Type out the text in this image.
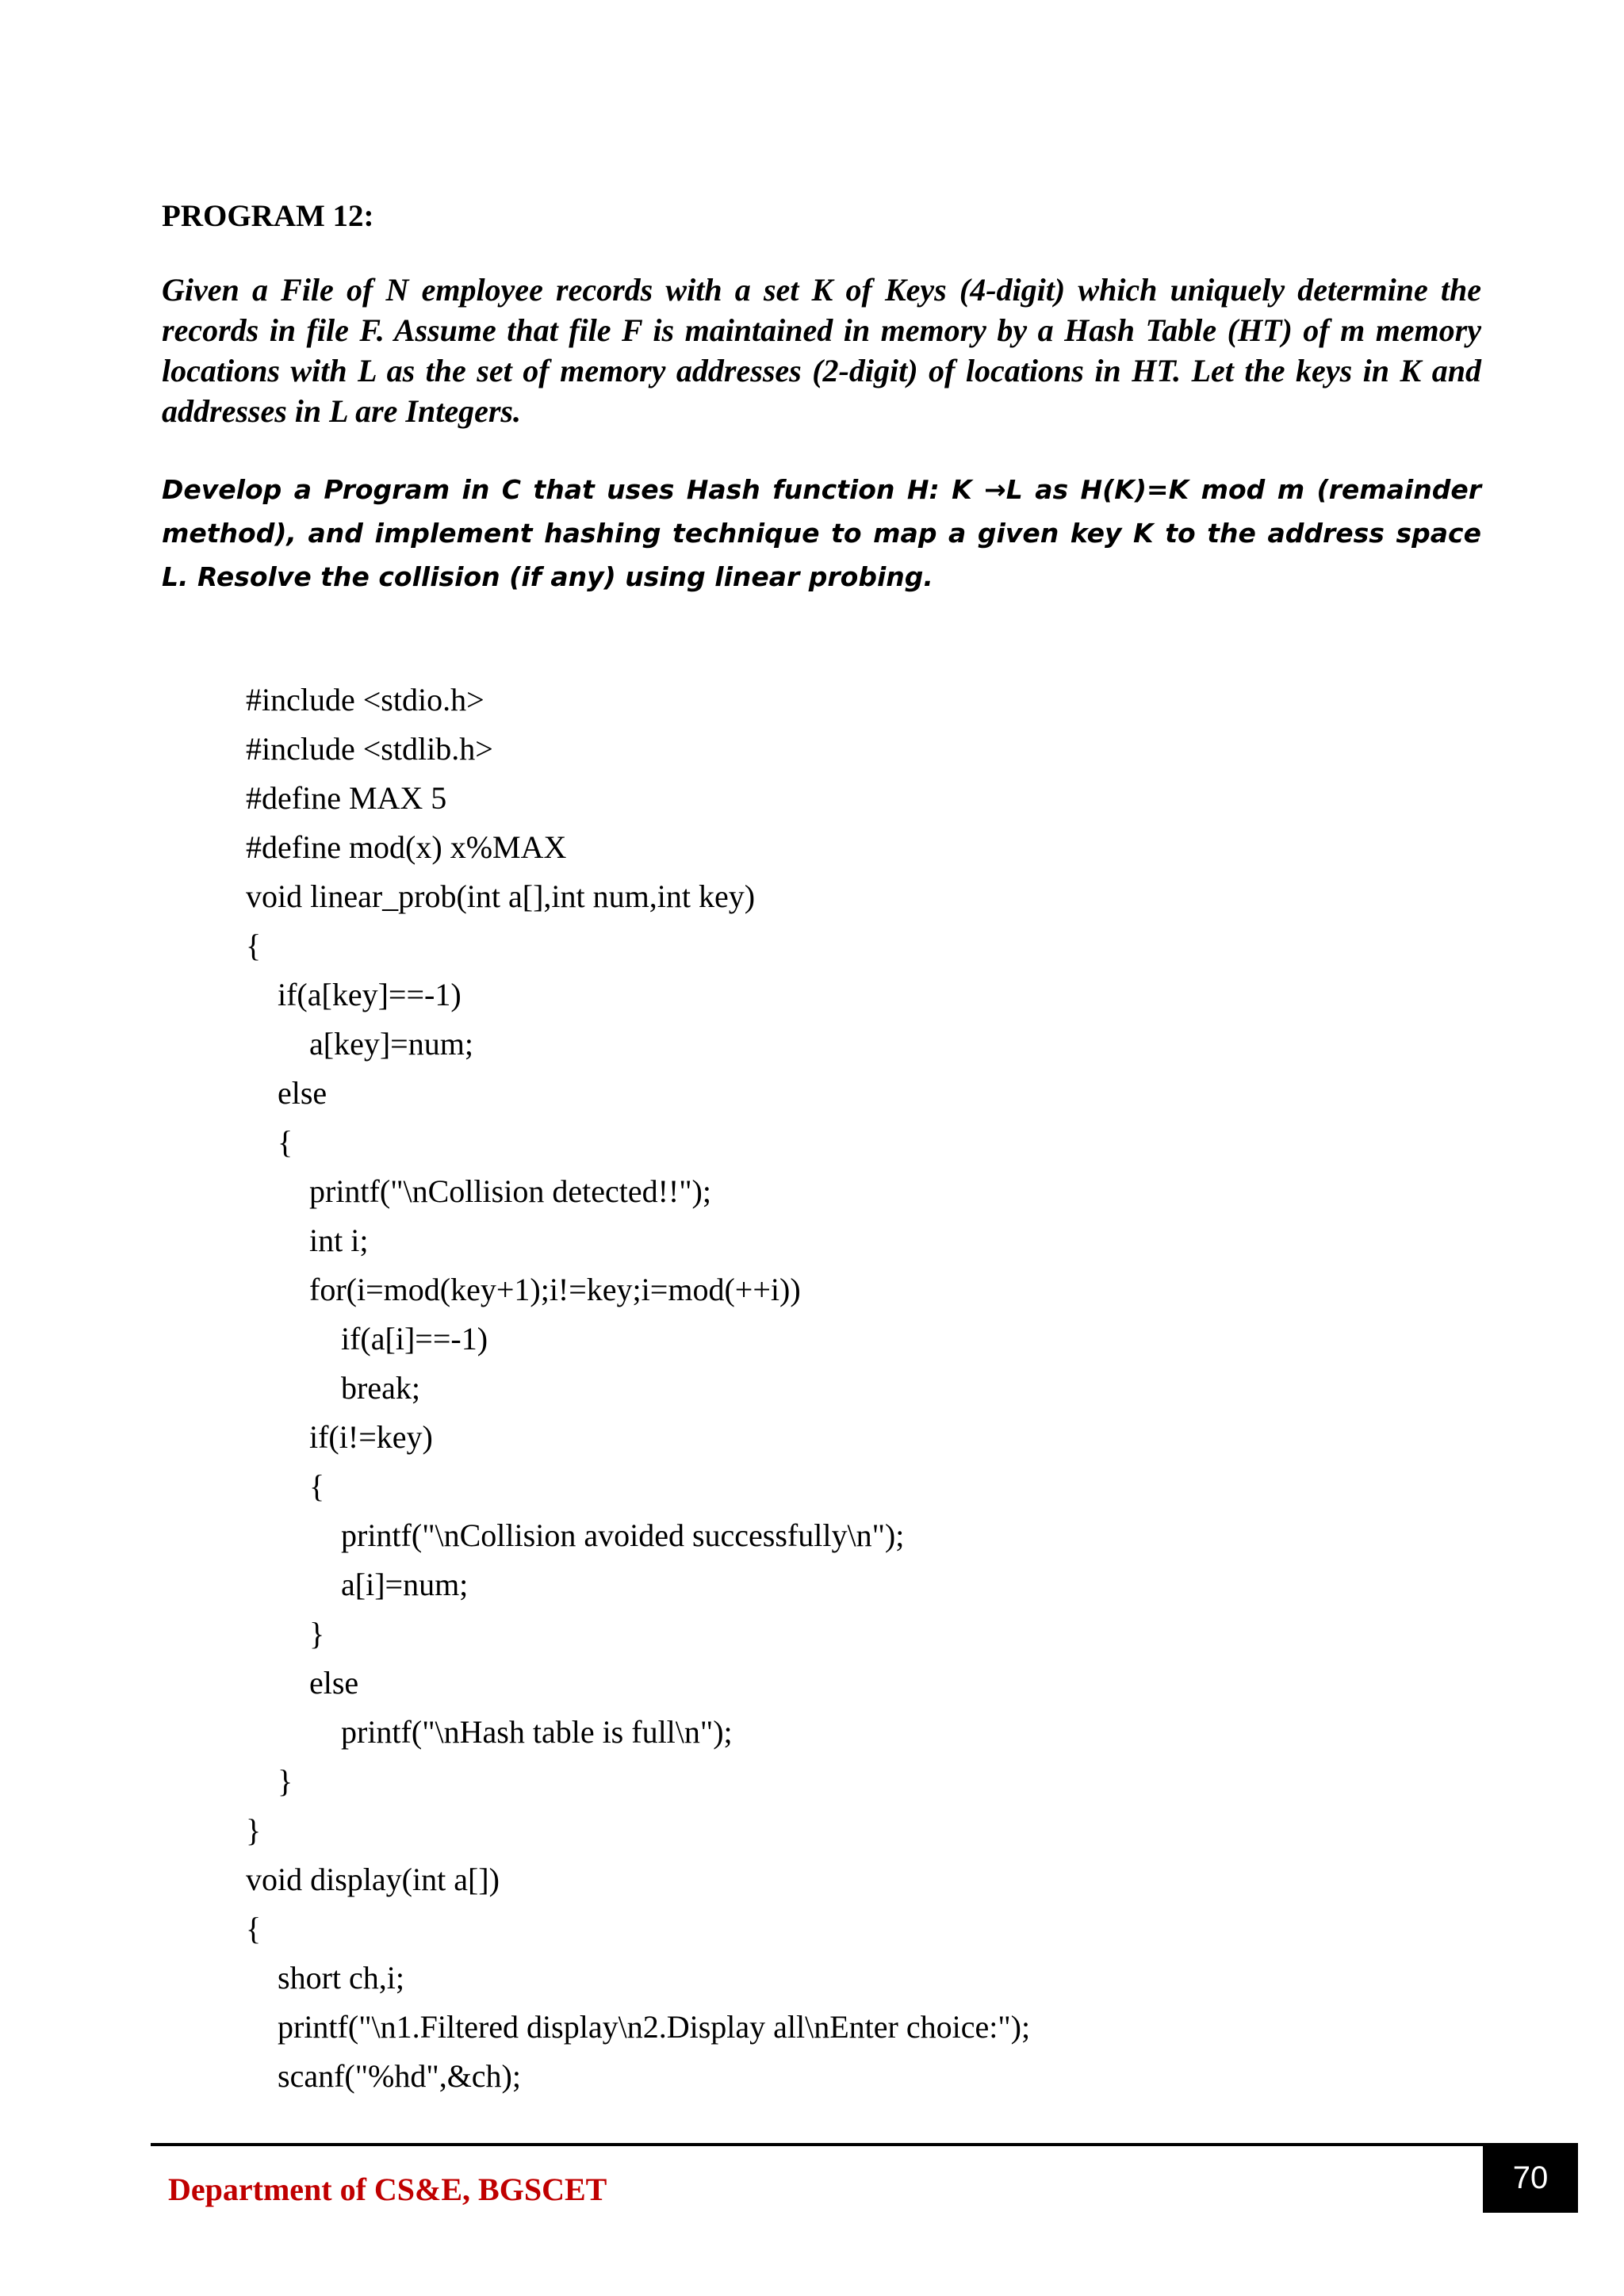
PROGRAM 12:

Given a File of N employee records with a set K of Keys (4-digit) which uniquely determine the records in file F. Assume that file F is maintained in memory by a Hash Table (HT) of m memory locations with L as the set of memory addresses (2-digit) of locations in HT. Let the keys in K and addresses in L are Integers.

Develop a Program in C that uses Hash function H: K →L as H(K)=K mod m (remainder method), and implement hashing technique to map a given key K to the address space L. Resolve the collision (if any) using linear probing.

#include <stdio.h>
#include <stdlib.h>
#define MAX 5
#define mod(x) x%MAX
void linear_prob(int a[],int num,int key)
{
if(a[key]==-1)
a[key]=num;
else
{
printf("\nCollision detected!!");
int i;
for(i=mod(key+1);i!=key;i=mod(++i))
if(a[i]==-1)
break;
if(i!=key)
{
printf("\nCollision avoided successfully\n");
a[i]=num;
}
else
printf("\nHash table is full\n");
}
}
void display(int a[])
{
short ch,i;
printf("\n1.Filtered display\n2.Display all\nEnter choice:");
scanf("%hd",&ch);
Department of CS&E, BGSCET	70
